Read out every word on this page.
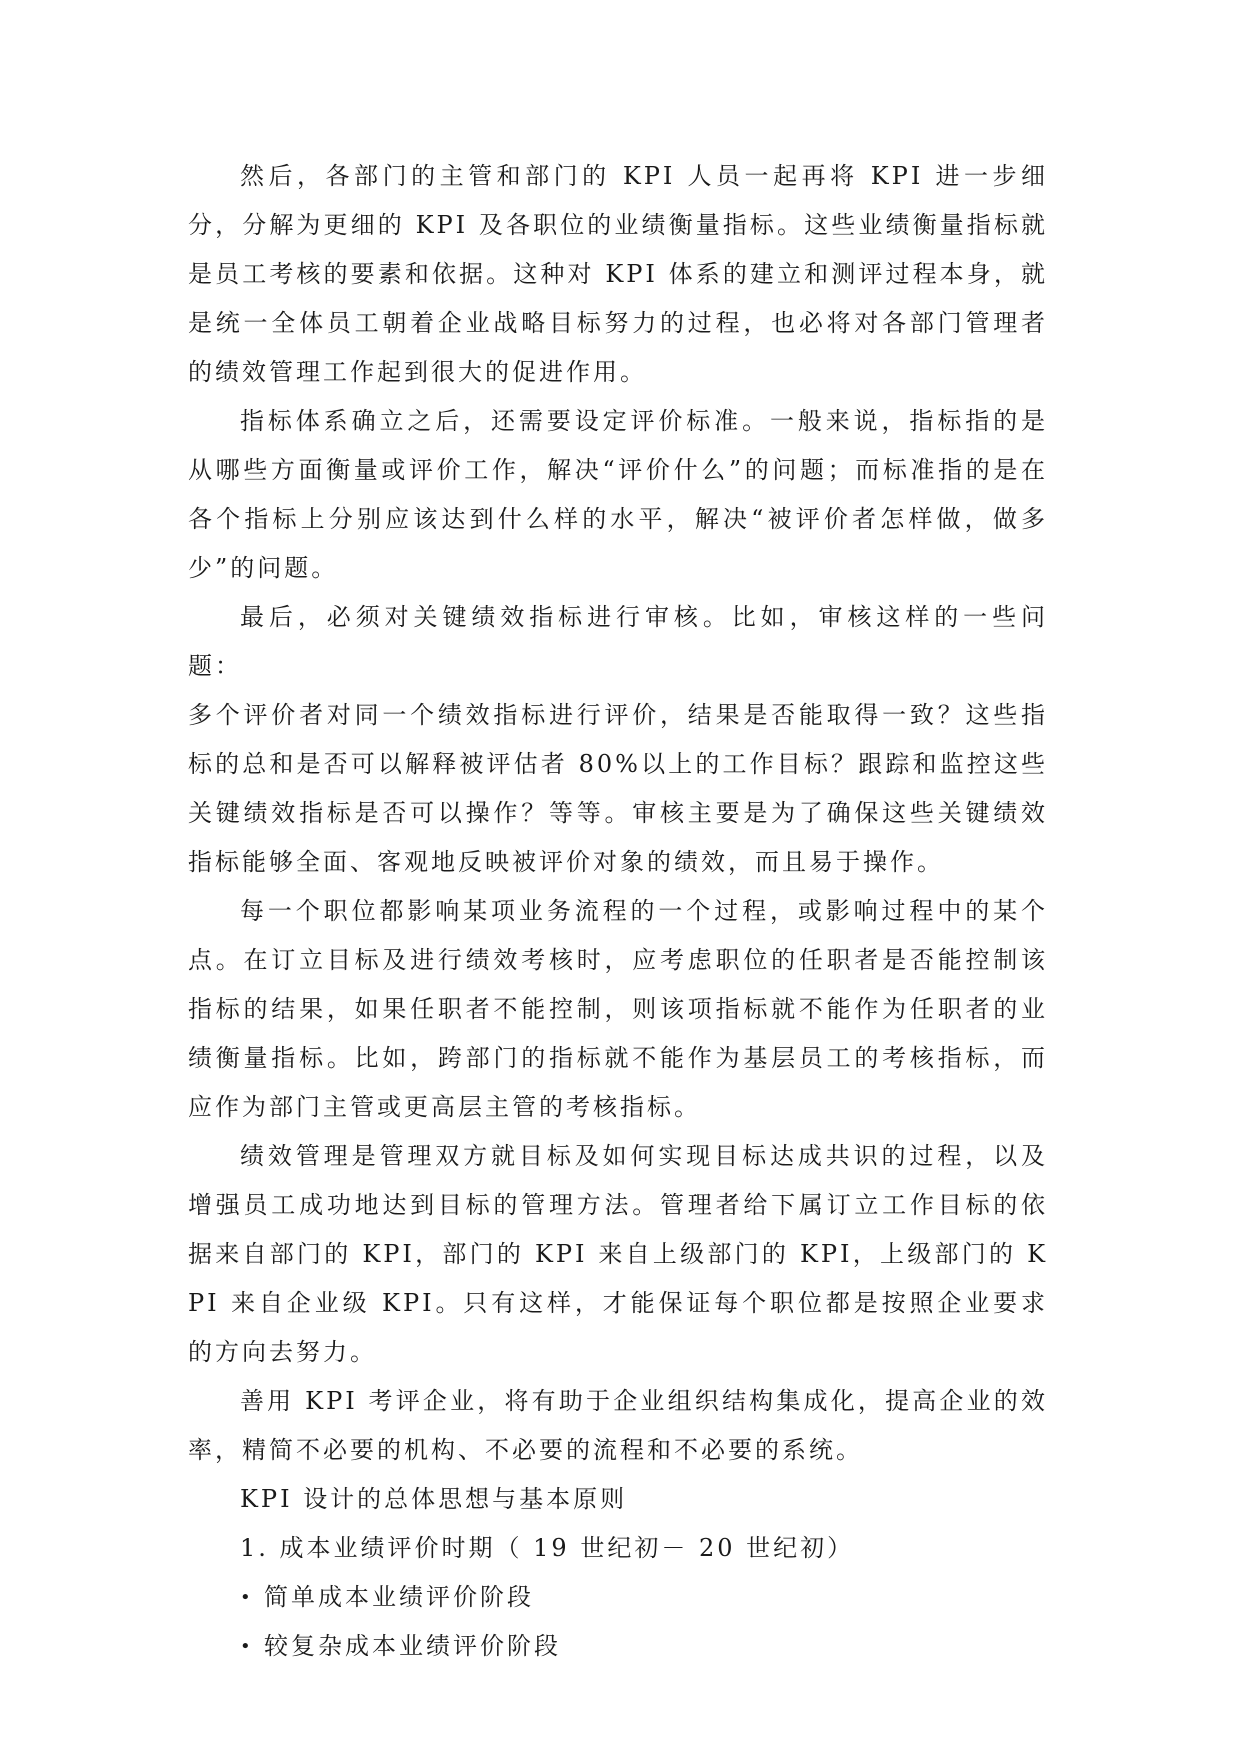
然后，各部门的主管和部门的 KPI 人员一起再将 KPI 进一步细分，分解为更细的 KPI 及各职位的业绩衡量指标。这些业绩衡量指标就是员工考核的要素和依据。这种对 KPI 体系的建立和测评过程本身，就是统一全体员工朝着企业战略目标努力的过程，也必将对各部门管理者的绩效管理工作起到很大的促进作用。

指标体系确立之后，还需要设定评价标准。一般来说，指标指的是从哪些方面衡量或评价工作，解决“评价什么”的问题；而标准指的是在各个指标上分别应该达到什么样的水平，解决“被评价者怎样做，做多少”的问题。

最后，必须对关键绩效指标进行审核。比如，审核这样的一些问题：

多个评价者对同一个绩效指标进行评价，结果是否能取得一致？这些指标的总和是否可以解释被评估者 80%以上的工作目标？跟踪和监控这些关键绩效指标是否可以操作？等等。审核主要是为了确保这些关键绩效指标能够全面、客观地反映被评价对象的绩效，而且易于操作。

每一个职位都影响某项业务流程的一个过程，或影响过程中的某个点。在订立目标及进行绩效考核时，应考虑职位的任职者是否能控制该指标的结果，如果任职者不能控制，则该项指标就不能作为任职者的业绩衡量指标。比如，跨部门的指标就不能作为基层员工的考核指标，而应作为部门主管或更高层主管的考核指标。

绩效管理是管理双方就目标及如何实现目标达成共识的过程，以及增强员工成功地达到目标的管理方法。管理者给下属订立工作目标的依据来自部门的 KPI，部门的 KPI 来自上级部门的 KPI，上级部门的 KPI 来自企业级 KPI。只有这样，才能保证每个职位都是按照企业要求的方向去努力。

善用 KPI 考评企业，将有助于企业组织结构集成化，提高企业的效率，精简不必要的机构、不必要的流程和不必要的系统。

KPI 设计的总体思想与基本原则

1. 成本业绩评价时期（ 19 世纪初－ 20 世纪初）

• 简单成本业绩评价阶段

• 较复杂成本业绩评价阶段
